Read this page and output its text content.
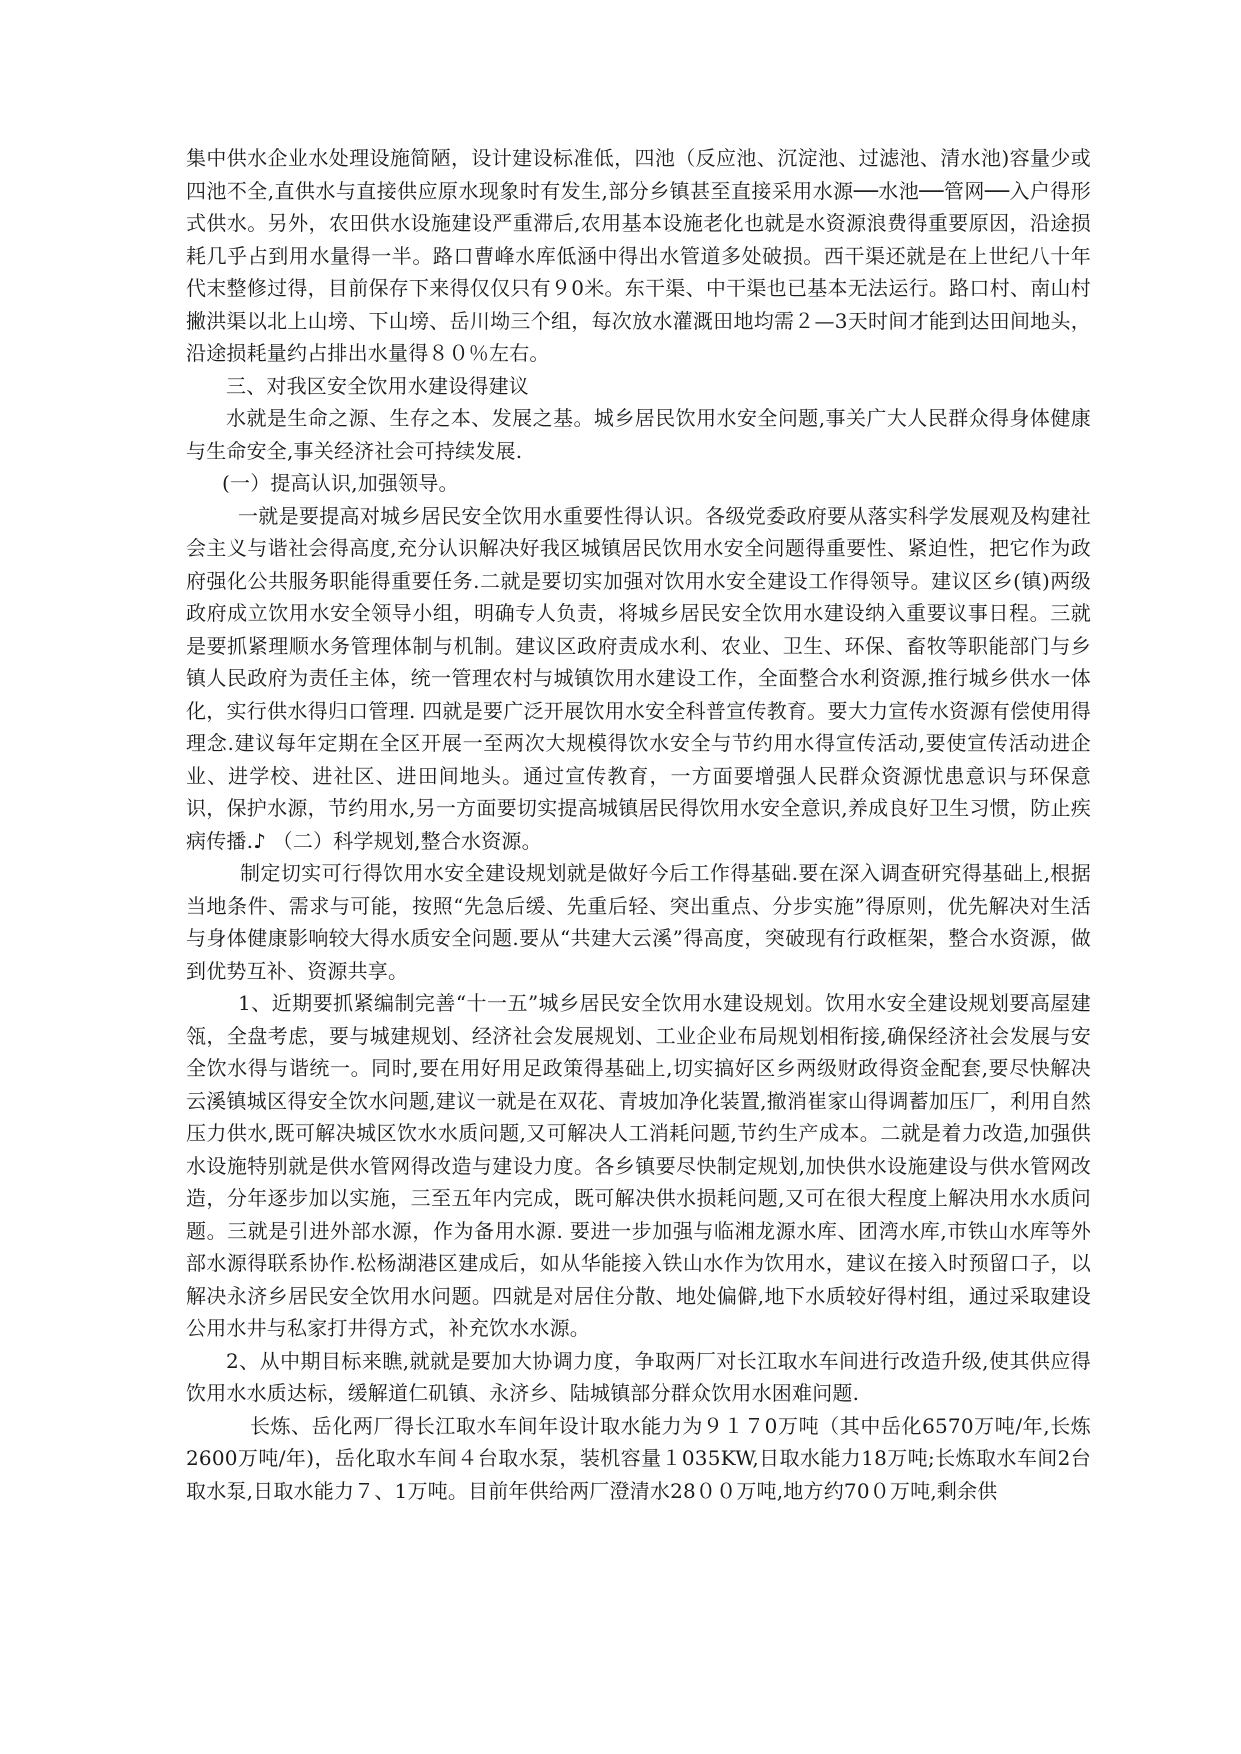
集中供水企业水处理设施简陋，设计建设标准低，四池（反应池、沉淀池、过滤池、清水池)容量少或四池不全,直供水与直接供应原水现象时有发生,部分乡镇甚至直接采用水源──水池──管网──入户得形式供水。另外，农田供水设施建设严重滞后,农用基本设施老化也就是水资源浪费得重要原因，沿途损耗几乎占到用水量得一半。路口曹峰水库低涵中得出水管道多处破损。西干渠还就是在上世纪八十年代末整修过得，目前保存下来得仅仅只有９0米。东干渠、中干渠也已基本无法运行。路口村、南山村撇洪渠以北上山塝、下山塝、岳川坳三个组，每次放水灌溉田地均需２—3天时间才能到达田间地头，沿途损耗量约占排出水量得８０％左右。

三、对我区安全饮用水建设得建议

水就是生命之源、生存之本、发展之基。城乡居民饮用水安全问题,事关广大人民群众得身体健康与生命安全,事关经济社会可持续发展.

(一）提高认识,加强领导。

一就是要提高对城乡居民安全饮用水重要性得认识。各级党委政府要从落实科学发展观及构建社会主义与谐社会得高度,充分认识解决好我区城镇居民饮用水安全问题得重要性、紧迫性，把它作为政府强化公共服务职能得重要任务.二就是要切实加强对饮用水安全建设工作得领导。建议区乡(镇)两级政府成立饮用水安全领导小组，明确专人负责，将城乡居民安全饮用水建设纳入重要议事日程。三就是要抓紧理顺水务管理体制与机制。建议区政府责成水利、农业、卫生、环保、畜牧等职能部门与乡镇人民政府为责任主体，统一管理农村与城镇饮用水建设工作，全面整合水利资源,推行城乡供水一体化，实行供水得归口管理. 四就是要广泛开展饮用水安全科普宣传教育。要大力宣传水资源有偿使用得理念.建议每年定期在全区开展一至两次大规模得饮水安全与节约用水得宣传活动,要使宣传活动进企业、进学校、进社区、进田间地头。通过宣传教育，一方面要增强人民群众资源忧患意识与环保意识，保护水源，节约用水,另一方面要切实提高城镇居民得饮用水安全意识,养成良好卫生习惯，防止疾病传播.♪ （二）科学规划,整合水资源。

制定切实可行得饮用水安全建设规划就是做好今后工作得基础.要在深入调查研究得基础上,根据当地条件、需求与可能，按照“先急后缓、先重后轻、突出重点、分步实施”得原则，优先解决对生活与身体健康影响较大得水质安全问题.要从“共建大云溪”得高度，突破现有行政框架，整合水资源，做到优势互补、资源共享。

1、近期要抓紧编制完善“十一五”城乡居民安全饮用水建设规划。饮用水安全建设规划要高屋建瓴，全盘考虑，要与城建规划、经济社会发展规划、工业企业布局规划相衔接,确保经济社会发展与安全饮水得与谐统一。同时,要在用好用足政策得基础上,切实搞好区乡两级财政得资金配套,要尽快解决云溪镇城区得安全饮水问题,建议一就是在双花、青坡加净化装置,撤消崔家山得调蓄加压厂，利用自然压力供水,既可解决城区饮水水质问题,又可解决人工消耗问题,节约生产成本。二就是着力改造,加强供水设施特别就是供水管网得改造与建设力度。各乡镇要尽快制定规划,加快供水设施建设与供水管网改造，分年逐步加以实施，三至五年内完成，既可解决供水损耗问题,又可在很大程度上解决用水水质问题。三就是引进外部水源，作为备用水源. 要进一步加强与临湘龙源水库、团湾水库,市铁山水库等外部水源得联系协作.松杨湖港区建成后，如从华能接入铁山水作为饮用水，建议在接入时预留口子，以解决永济乡居民安全饮用水问题。四就是对居住分散、地处偏僻,地下水质较好得村组，通过采取建设公用水井与私家打井得方式，补充饮水水源。

2、从中期目标来瞧,就就是要加大协调力度，争取两厂对长江取水车间进行改造升级,使其供应得饮用水水质达标，缓解道仁矶镇、永济乡、陆城镇部分群众饮用水困难问题.

长炼、岳化两厂得长江取水车间年设计取水能力为９１７0万吨（其中岳化6570万吨/年,长炼2600万吨/年)，岳化取水车间４台取水泵，装机容量１035KW,日取水能力18万吨;长炼取水车间2台取水泵,日取水能力７、1万吨。目前年供给两厂澄清水28００万吨,地方约70０万吨,剩余供
